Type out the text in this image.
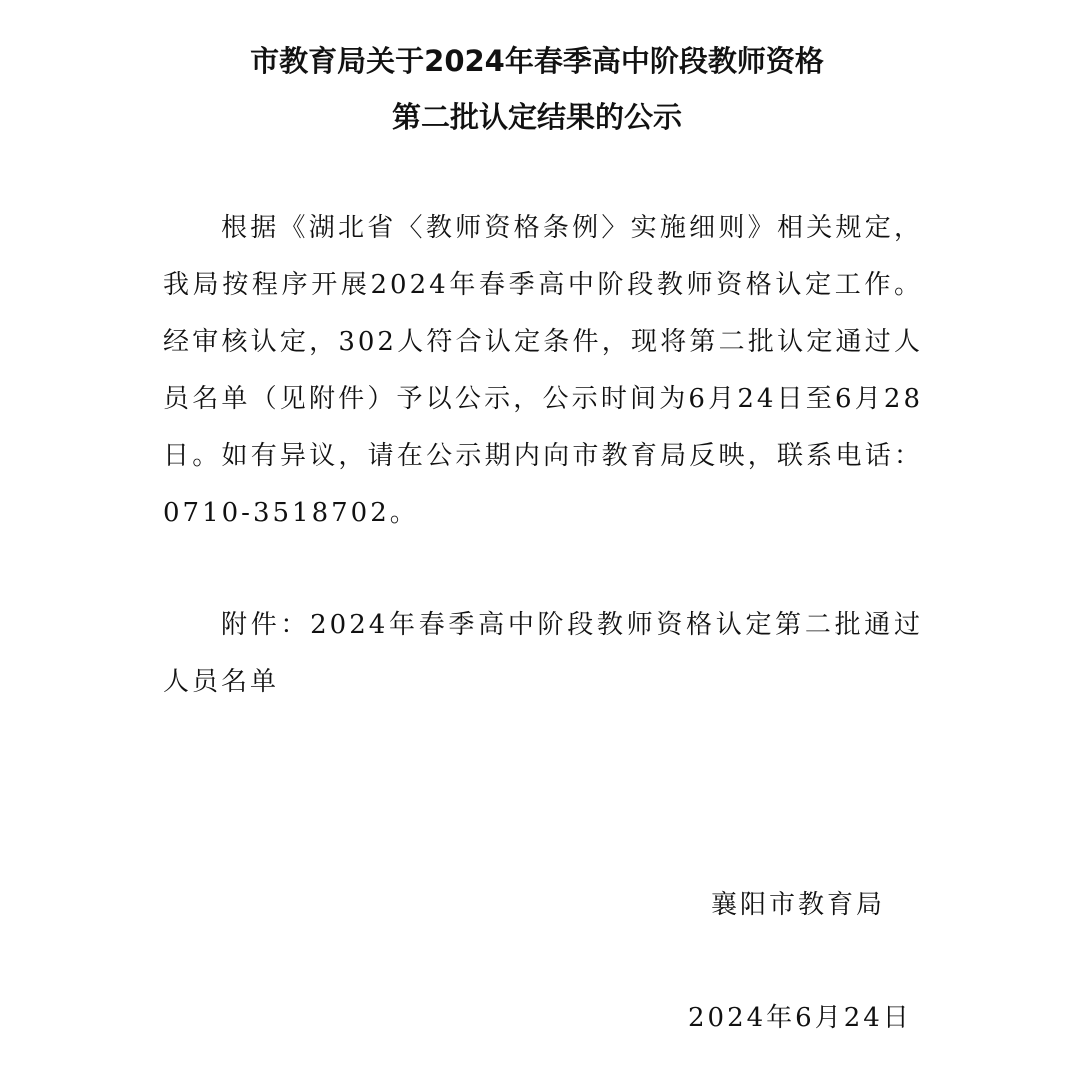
市教育局关于2024年春季高中阶段教师资格
第二批认定结果的公示

根据《湖北省〈教师资格条例〉实施细则》相关规定，我局按程序开展2024年春季高中阶段教师资格认定工作。经审核认定，302人符合认定条件，现将第二批认定通过人员名单（见附件）予以公示，公示时间为6月24日至6月28日。如有异议，请在公示期内向市教育局反映，联系电话：0710-3518702。

附件：2024年春季高中阶段教师资格认定第二批通过人员名单

襄阳市教育局
2024年6月24日
